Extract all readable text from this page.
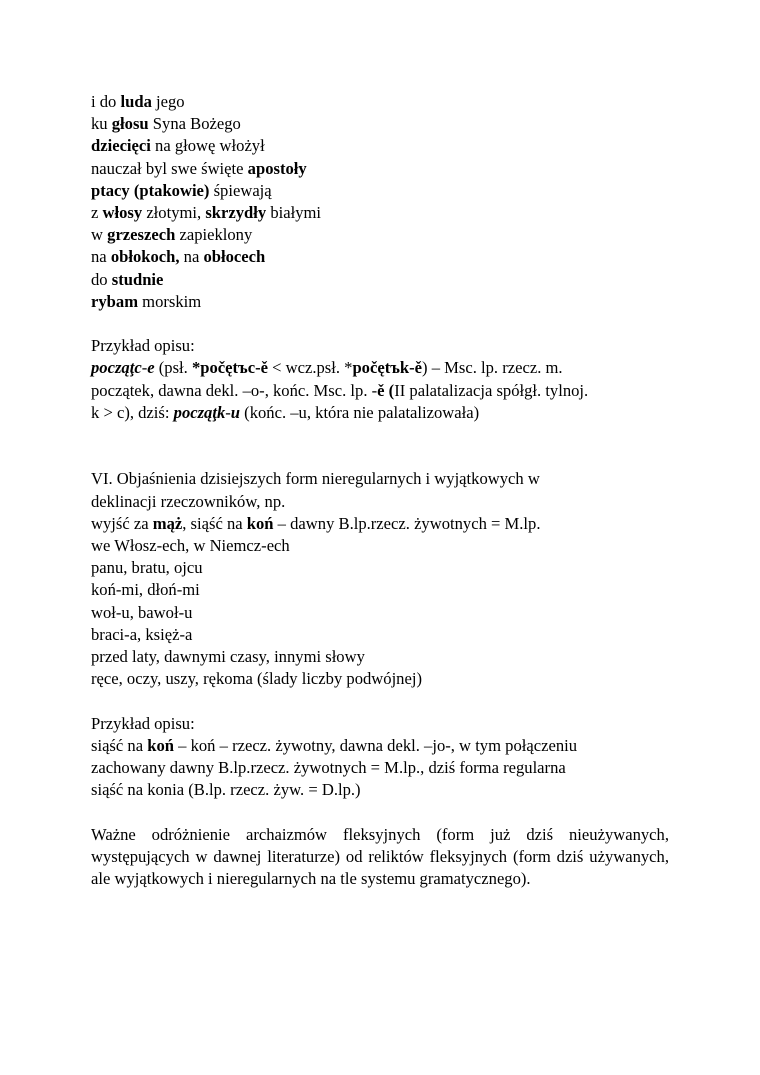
i do luda jego
ku głosu Syna Bożego
dziecięci na głowę włożył
nauczał byl swe święte apostoły
ptacy (ptakowie) śpiewają
z włosy złotymi, skrzydły białymi
w grzeszech zapieklony
na obłokoch, na obłocech
do studnie
rybam morskim
Przykład opisu:
począţc-e (psł. *počętъc-ě < wcz.psł. *počętъk-ě) – Msc. lp. rzecz. m.
początek, dawna dekl. –o-, końc. Msc. lp. -ě (II palatalizacja spółgł. tylnoj.
k > c), dziś: począţk-u (końc. –u, która nie palatalizowała)
VI. Objaśnienia dzisiejszych form nieregularnych i wyjątkowych w
deklinacji rzeczowników, np.
wyjść za mąż, siąść na koń – dawny B.lp.rzecz. żywotnych = M.lp.
we Włosz-ech, w Niemcz-ech
panu, bratu, ojcu
koń-mi, dłoń-mi
woł-u, bawoł-u
braci-a, księż-a
przed laty, dawnymi czasy, innymi słowy
ręce, oczy, uszy, rękoma (ślady liczby podwójnej)
Przykład opisu:
siąść na koń – koń – rzecz. żywotny, dawna dekl. –jo-, w tym połączeniu
zachowany dawny B.lp.rzecz. żywotnych = M.lp., dziś forma regularna
siąść na konia (B.lp. rzecz. żyw. = D.lp.)
Ważne odróżnienie archaizmów fleksyjnych (form już dziś nieużywanych, występujących w dawnej literaturze) od reliktów fleksyjnych (form dziś używanych, ale wyjątkowych i nieregularnych na tle systemu gramatycznego).
